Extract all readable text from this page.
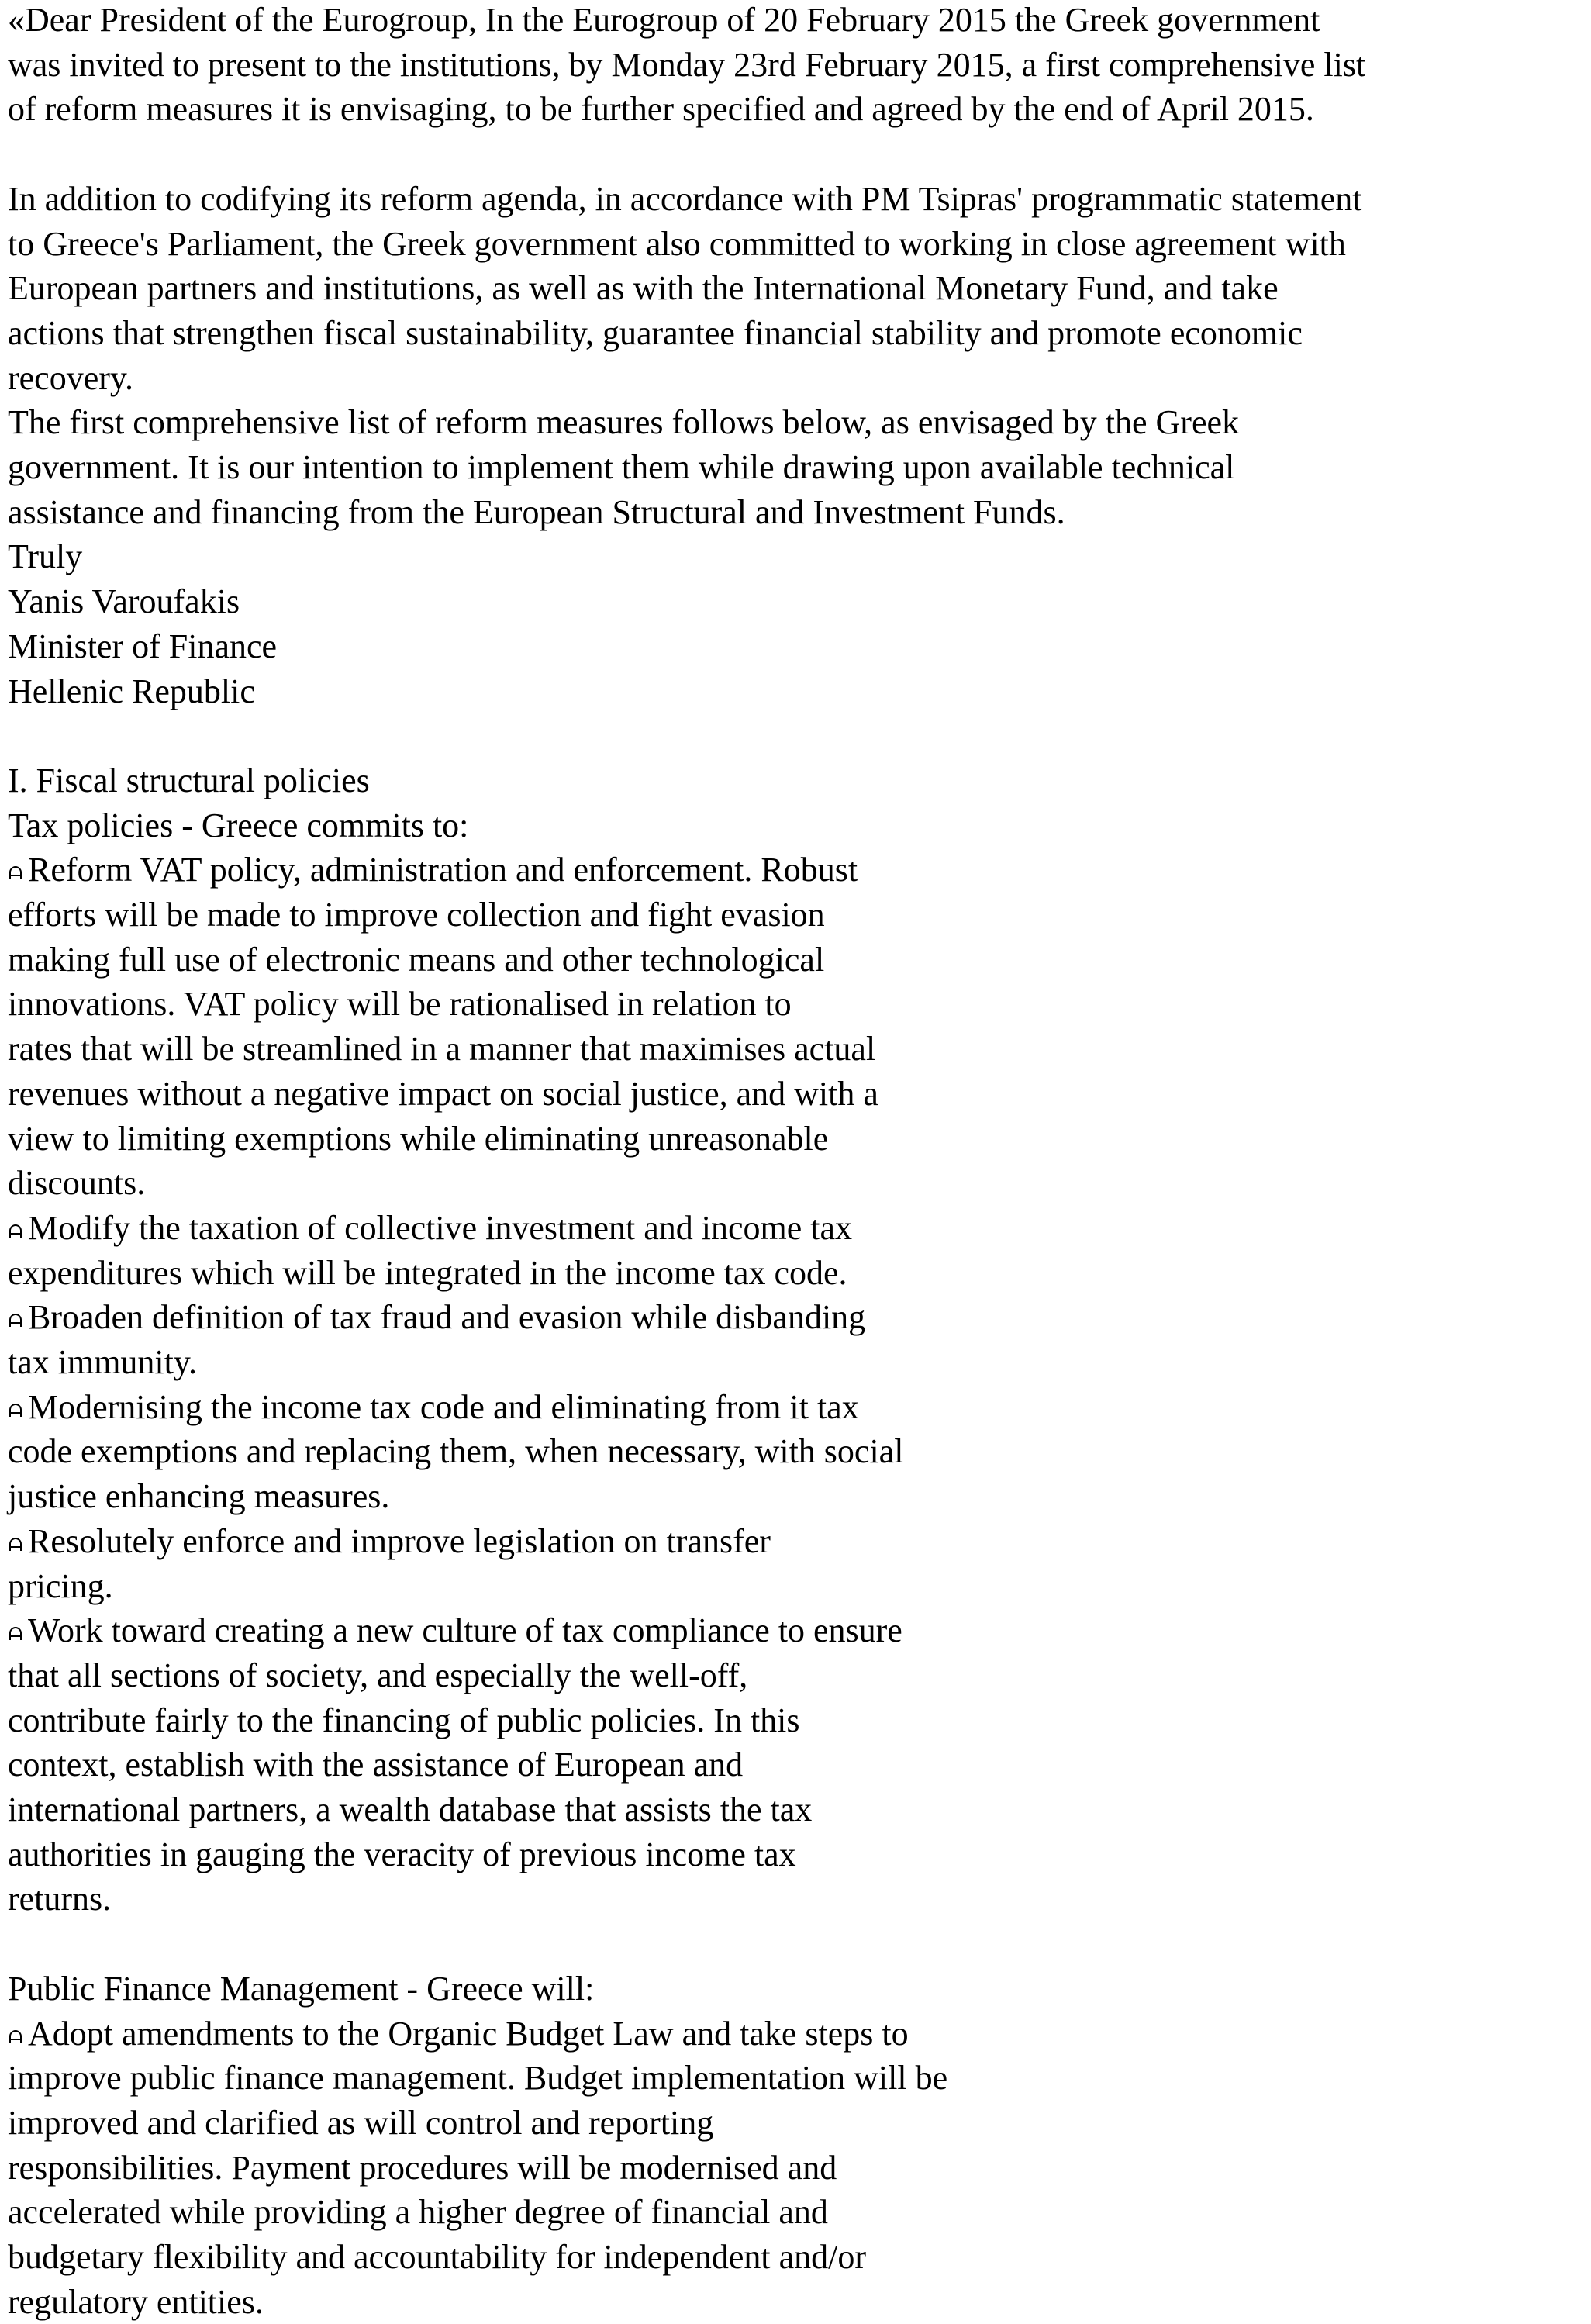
«Dear President of the Eurogroup, In the Eurogroup of 20 February 2015 the Greek government
was invited to present to the institutions, by Monday 23rd February 2015, a first comprehensive list
of reform measures it is envisaging, to be further specified and agreed by the end of April 2015.
In addition to codifying its reform agenda, in accordance with PM Tsipras' programmatic statement
to Greece's Parliament, the Greek government also committed to working in close agreement with
European partners and institutions, as well as with the International Monetary Fund, and take
actions that strengthen fiscal sustainability, guarantee financial stability and promote economic
recovery.
The first comprehensive list of reform measures follows below, as envisaged by the Greek
government. It is our intention to implement them while drawing upon available technical
assistance and financing from the European Structural and Investment Funds.
Truly
Yanis Varoufakis
Minister of Finance
Hellenic Republic
I. Fiscal structural policies
Tax policies - Greece commits to:
Reform VAT policy, administration and enforcement. Robust
efforts will be made to improve collection and fight evasion
making full use of electronic means and other technological
innovations. VAT policy will be rationalised in relation to
rates that will be streamlined in a manner that maximises actual
revenues without a negative impact on social justice, and with a
view to limiting exemptions while eliminating unreasonable
discounts.
Modify the taxation of collective investment and income tax
expenditures which will be integrated in the income tax code.
Broaden definition of tax fraud and evasion while disbanding
tax immunity.
Modernising the income tax code and eliminating from it tax
code exemptions and replacing them, when necessary, with social
justice enhancing measures.
Resolutely enforce and improve legislation on transfer
pricing.
Work toward creating a new culture of tax compliance to ensure
that all sections of society, and especially the well-off,
contribute fairly to the financing of public policies. In this
context, establish with the assistance of European and
international partners, a wealth database that assists the tax
authorities in gauging the veracity of previous income tax
returns.
Public Finance Management - Greece will:
Adopt amendments to the Organic Budget Law and take steps to
improve public finance management. Budget implementation will be
improved and clarified as will control and reporting
responsibilities. Payment procedures will be modernised and
accelerated while providing a higher degree of financial and
budgetary flexibility and accountability for independent and/or
regulatory entities.
